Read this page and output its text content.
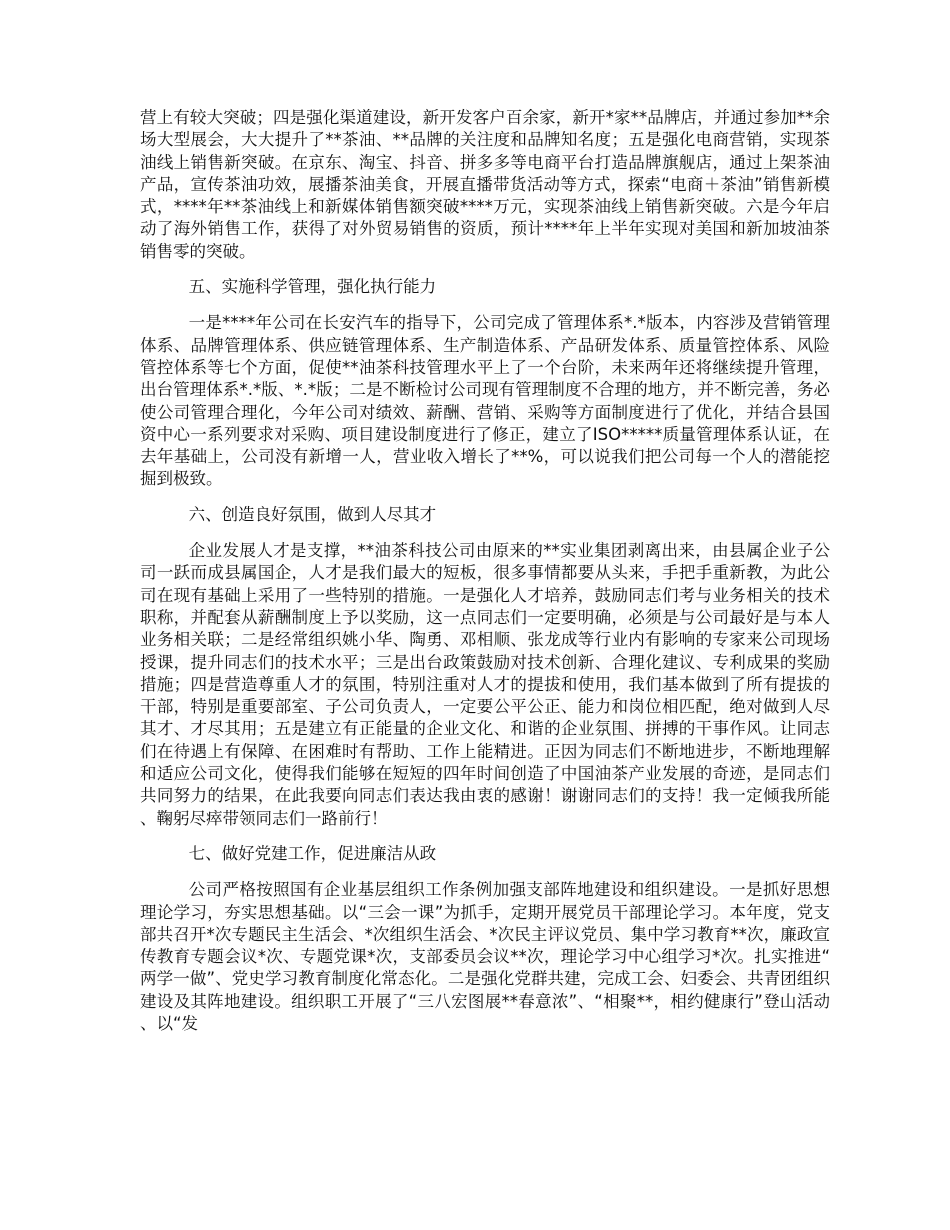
营上有较大突破；四是强化渠道建设，新开发客户百余家，新开*家**品牌店，并通过参加**余场大型展会，大大提升了**茶油、**品牌的关注度和品牌知名度；五是强化电商营销，实现茶油线上销售新突破。在京东、淘宝、抖音、拼多多等电商平台打造品牌旗舰店，通过上架茶油产品，宣传茶油功效，展播茶油美食，开展直播带货活动等方式，探索“电商＋茶油”销售新模式，****年**茶油线上和新媒体销售额突破****万元，实现茶油线上销售新突破。六是今年启动了海外销售工作，获得了对外贸易销售的资质，预计****年上半年实现对美国和新加坡油茶销售零的突破。

五、实施科学管理，强化执行能力

一是****年公司在长安汽车的指导下，公司完成了管理体系*.*版本，内容涉及营销管理体系、品牌管理体系、供应链管理体系、生产制造体系、产品研发体系、质量管控体系、风险管控体系等七个方面，促使**油茶科技管理水平上了一个台阶，未来两年还将继续提升管理，出台管理体系*.*版、*.*版；二是不断检讨公司现有管理制度不合理的地方，并不断完善，务必使公司管理合理化，今年公司对绩效、薪酬、营销、采购等方面制度进行了优化，并结合县国资中心一系列要求对采购、项目建设制度进行了修正，建立了ISO*****质量管理体系认证，在去年基础上，公司没有新增一人，营业收入增长了**%，可以说我们把公司每一个人的潜能挖掘到极致。

六、创造良好氛围，做到人尽其才

企业发展人才是支撑，**油茶科技公司由原来的**实业集团剥离出来，由县属企业子公司一跃而成县属国企，人才是我们最大的短板，很多事情都要从头来，手把手重新教，为此公司在现有基础上采用了一些特别的措施。一是强化人才培养，鼓励同志们考与业务相关的技术职称，并配套从薪酬制度上予以奖励，这一点同志们一定要明确，必须是与公司最好是与本人业务相关联；二是经常组织姚小华、陶勇、邓相顺、张龙成等行业内有影响的专家来公司现场授课，提升同志们的技术水平；三是出台政策鼓励对技术创新、合理化建议、专利成果的奖励措施；四是营造尊重人才的氛围，特别注重对人才的提拔和使用，我们基本做到了所有提拔的干部，特别是重要部室、子公司负责人，一定要公平公正、能力和岗位相匹配，绝对做到人尽其才、才尽其用；五是建立有正能量的企业文化、和谐的企业氛围、拼搏的干事作风。让同志们在待遇上有保障、在困难时有帮助、工作上能精进。正因为同志们不断地进步，不断地理解和适应公司文化，使得我们能够在短短的四年时间创造了中国油茶产业发展的奇迹，是同志们共同努力的结果，在此我要向同志们表达我由衷的感谢！谢谢同志们的支持！我一定倾我所能、鞠躬尽瘁带领同志们一路前行！

七、做好党建工作，促进廉洁从政

公司严格按照国有企业基层组织工作条例加强支部阵地建设和组织建设。一是抓好思想理论学习，夯实思想基础。以“三会一课”为抓手，定期开展党员干部理论学习。本年度，党支部共召开*次专题民主生活会、*次组织生活会、*次民主评议党员、集中学习教育**次，廉政宣传教育专题会议*次、专题党课*次，支部委员会议**次，理论学习中心组学习*次。扎实推进“两学一做”、党史学习教育制度化常态化。二是强化党群共建，完成工会、妇委会、共青团组织建设及其阵地建设。组织职工开展了“三八宏图展**春意浓”、“相聚**，相约健康行”登山活动、以“发
